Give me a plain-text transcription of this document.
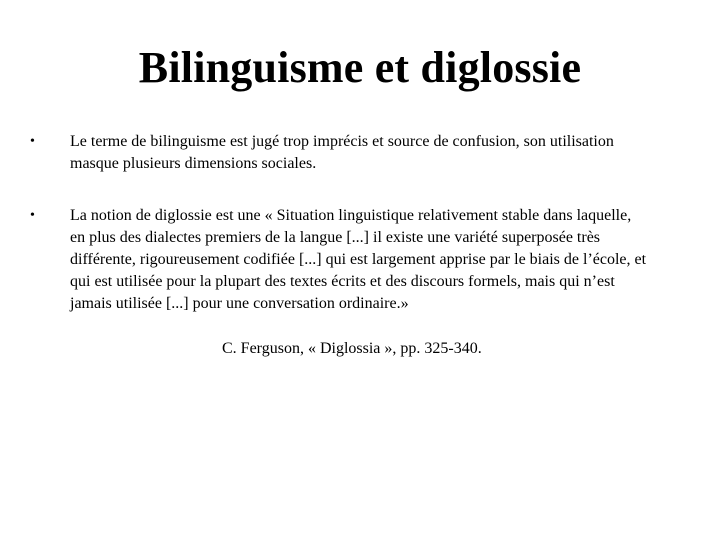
Bilinguisme et diglossie
•	Le terme de bilinguisme est jugé trop imprécis et source de confusion, son utilisation masque plusieurs dimensions sociales.
•	La notion de diglossie est une « Situation linguistique relativement stable dans laquelle, en plus des dialectes premiers de la langue [...] il existe une variété superposée très différente, rigoureusement codifiée [...] qui est largement apprise par le biais de l’école, et qui est utilisée pour la plupart des textes écrits et des discours formels, mais qui n’est jamais utilisée [...] pour une conversation ordinaire.»
C. Ferguson, « Diglossia », pp. 325-340.
